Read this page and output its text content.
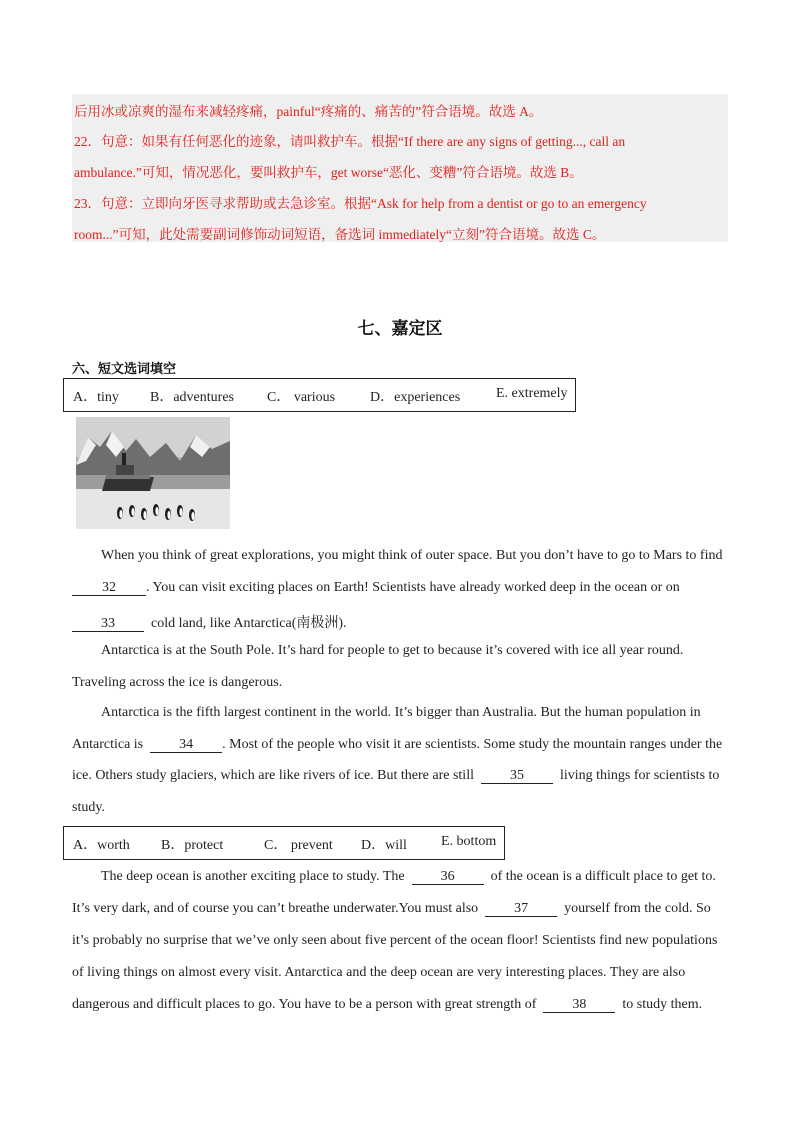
后用冰或凉爽的湿布来减轻疼痛，painful“疼痛的、痛苦的”符合语境。故选 A。
22．句意：如果有任何恶化的迹象，请叫救护车。根据“If there are any signs of getting..., call an
ambulance.”可知，情况恶化，要叫救护车，get worse“恶化、变糟”符合语境。故选 B。
23．句意：立即向牙医寻求帮助或去急诊室。根据“Ask for help from a dentist or go to an emergency
room...”可知，此处需要副词修饰动词短语，备选词 immediately“立刻”符合语境。故选 C。
七、嘉定区
六、短文选词填空
A．tiny B．adventures C． various D．experiences	E. extremely
When you think of great explorations, you might think of outer space. But you don’t have to go to Mars to find
32 . You can visit exciting places on Earth! Scientists have already worked deep in the ocean or on
33	cold land, like Antarctica(南极洲).
Antarctica is at the South Pole. It’s hard for people to get to because it’s covered with ice all year round.
Traveling across the ice is dangerous.
Antarctica is the fifth largest continent in the world. It’s bigger than Australia. But the human population in
Antarctica is	34 . Most of the people who visit it are scientists. Some study the mountain ranges under the
ice. Others study glaciers, which are like rivers of ice. But there are still	35	living things for scientists to
study.
A．worth B．protect	C． prevent D．will E. bottom
The deep ocean is another exciting place to study. The	36	of the ocean is a difficult place to get to.
It’s very dark, and of course you can’t breathe underwater.You must also	37	yourself from the cold. So
it’s probably no surprise that we’ve only seen about five percent of the ocean floor! Scientists find new populations
of living things on almost every visit. Antarctica and the deep ocean are very interesting places. They are also
dangerous and difficult places to go. You have to be a person with great strength of	38	to study them.
